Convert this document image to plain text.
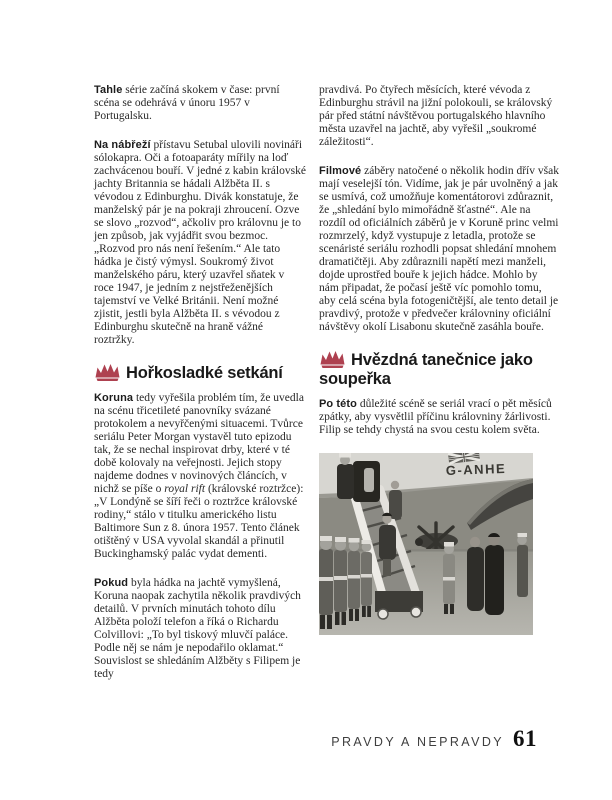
Tahle série začíná skokem v čase: první scéna se odehrává v únoru 1957 v Portugalsku.

Na nábřeží přístavu Setubal ulovili novináři sólokapra. Oči a fotoaparáty mířily na loď zachvácenou bouří. V jedné z kabin královské jachty Britannia se hádali Alžběta II. s vévodou z Edinburghu. Divák konstatuje, že manželský pár je na pokraji zhroucení. Ozve se slovo „rozvod“, ačkoliv pro královnu je to jen způsob, jak vyjádřit svou bezmoc. „Rozvod pro nás není řešením.“ Ale tato hádka je čistý výmysl. Soukromý život manželského páru, který uzavřel sňatek v roce 1947, je jedním z nejstřeženějších tajemství ve Velké Británii. Není možné zjistit, jestli byla Alžběta II. s vévodou z Edinburghu skutečně na hraně vážné roztržky.

Hořkosladké setkání

Koruna tedy vyřešila problém tím, že uvedla na scénu třicetileté panovníky svázané protokolem a nevyřčenými situacemi. Tvůrce seriálu Peter Morgan vystavěl tuto epizodu tak, že se nechal inspirovat drby, které v té době kolovaly na veřejnosti. Jejich stopy najdeme dodnes v novinových článcích, v nichž se píše o royal rift (královské roztržce): „V Londýně se šíří řeči o roztržce královské rodiny,“ stálo v titulku amerického listu Baltimore Sun z 8. února 1957. Tento článek otištěný v USA vyvolal skandál a přinutil Buckinghamský palác vydat dementi.

Pokud byla hádka na jachtě vymyšlená, Koruna naopak zachytila několik pravdivých detailů. V prvních minutách tohoto dílu Alžběta položí telefon a říká o Richardu Colvillovi: „To byl tiskový mluvčí paláce. Podle něj se nám je nepodařilo oklamat.“ Souvislost se shledáním Alžběty s Filipem je tedy

pravdivá. Po čtyřech měsících, které vévoda z Edinburghu strávil na jižní polokouli, se královský pár před státní návštěvou portugalského hlavního města uzavřel na jachtě, aby vyřešil „soukromé záležitosti“.

Filmové záběry natočené o několik hodin dřív však mají veselejší tón. Vidíme, jak je pár uvolněný a jak se usmívá, což umožňuje komentátorovi zdůraznit, že „shledání bylo mimořádně šťastné“. Ale na rozdíl od oficiálních záběrů je v Koruně princ velmi rozmrzelý, když vystupuje z letadla, protože se scenáristé seriálu rozhodli popsat shledání mnohem dramatičtěji. Aby zdůraznili napětí mezi manželi, dojde uprostřed bouře k jejich hádce. Mohlo by nám připadat, že počasí ještě víc pomohlo tomu, aby celá scéna byla fotogeničtější, ale tento detail je pravdivý, protože v předvečer královniny oficiální návštěvy okolí Lisabonu skutečně zasáhla bouře.

Hvězdná tanečnice jako soupeřka

Po této důležité scéně se seriál vrací o pět měsíců zpátky, aby vysvětlil příčinu královniny žárlivosti. Filip se tehdy chystá na svou cestu kolem světa.

G-ANHE
PRAVDY A NEPRAVDY 61
